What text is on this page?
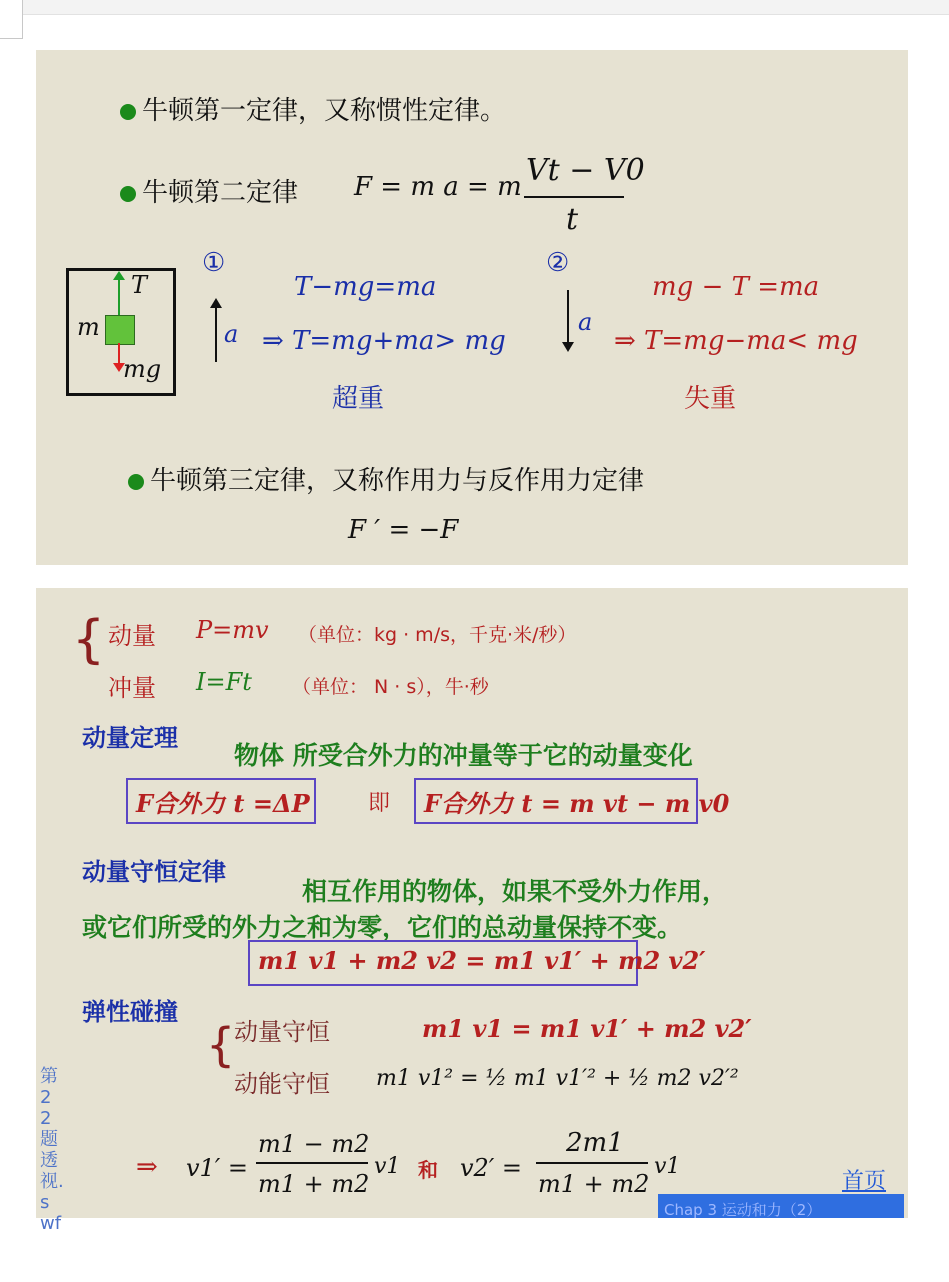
牛顿第一定律，又称惯性定律。
牛顿第二定律 F = m a = m Vt − V0
t
T
m
mg
①
a
T−mg=ma
⇒ T=mg+ma> mg
超重
②
a
mg − T =ma
⇒ T=mg−ma< mg
失重
牛顿第三定律，又称作用力与反作用力定律
F ′ = −F
{ 动量 P=mv （单位：kg · m/s，千克·米/秒）
冲量 I=Ft （单位： N · s），牛·秒
动量定理
物体 所受合外力的冲量等于它的动量变化
F合外力 t =ΔP	即 F合外力 t = m vt − m v0
动量守恒定律
相互作用的物体，如果不受外力作用，
或它们所受的外力之和为零，它们的总动量保持不变。
m1 v1 + m2 v2 = m1 v1′ + m2 v2′
弹性碰撞
{
动量守恒	m1 v1 = m1 v1′ + m2 v2′
动能守恒 m1 v1² = ½ m1 v1′² + ½ m2 v2′²
⇒ v1′ =
m1 − m2
m1 + m2
v1 和 v2′ =
2m1
m1 + m2
v1
第22题透视.swf
首页
Chap 3 运动和力（2）
